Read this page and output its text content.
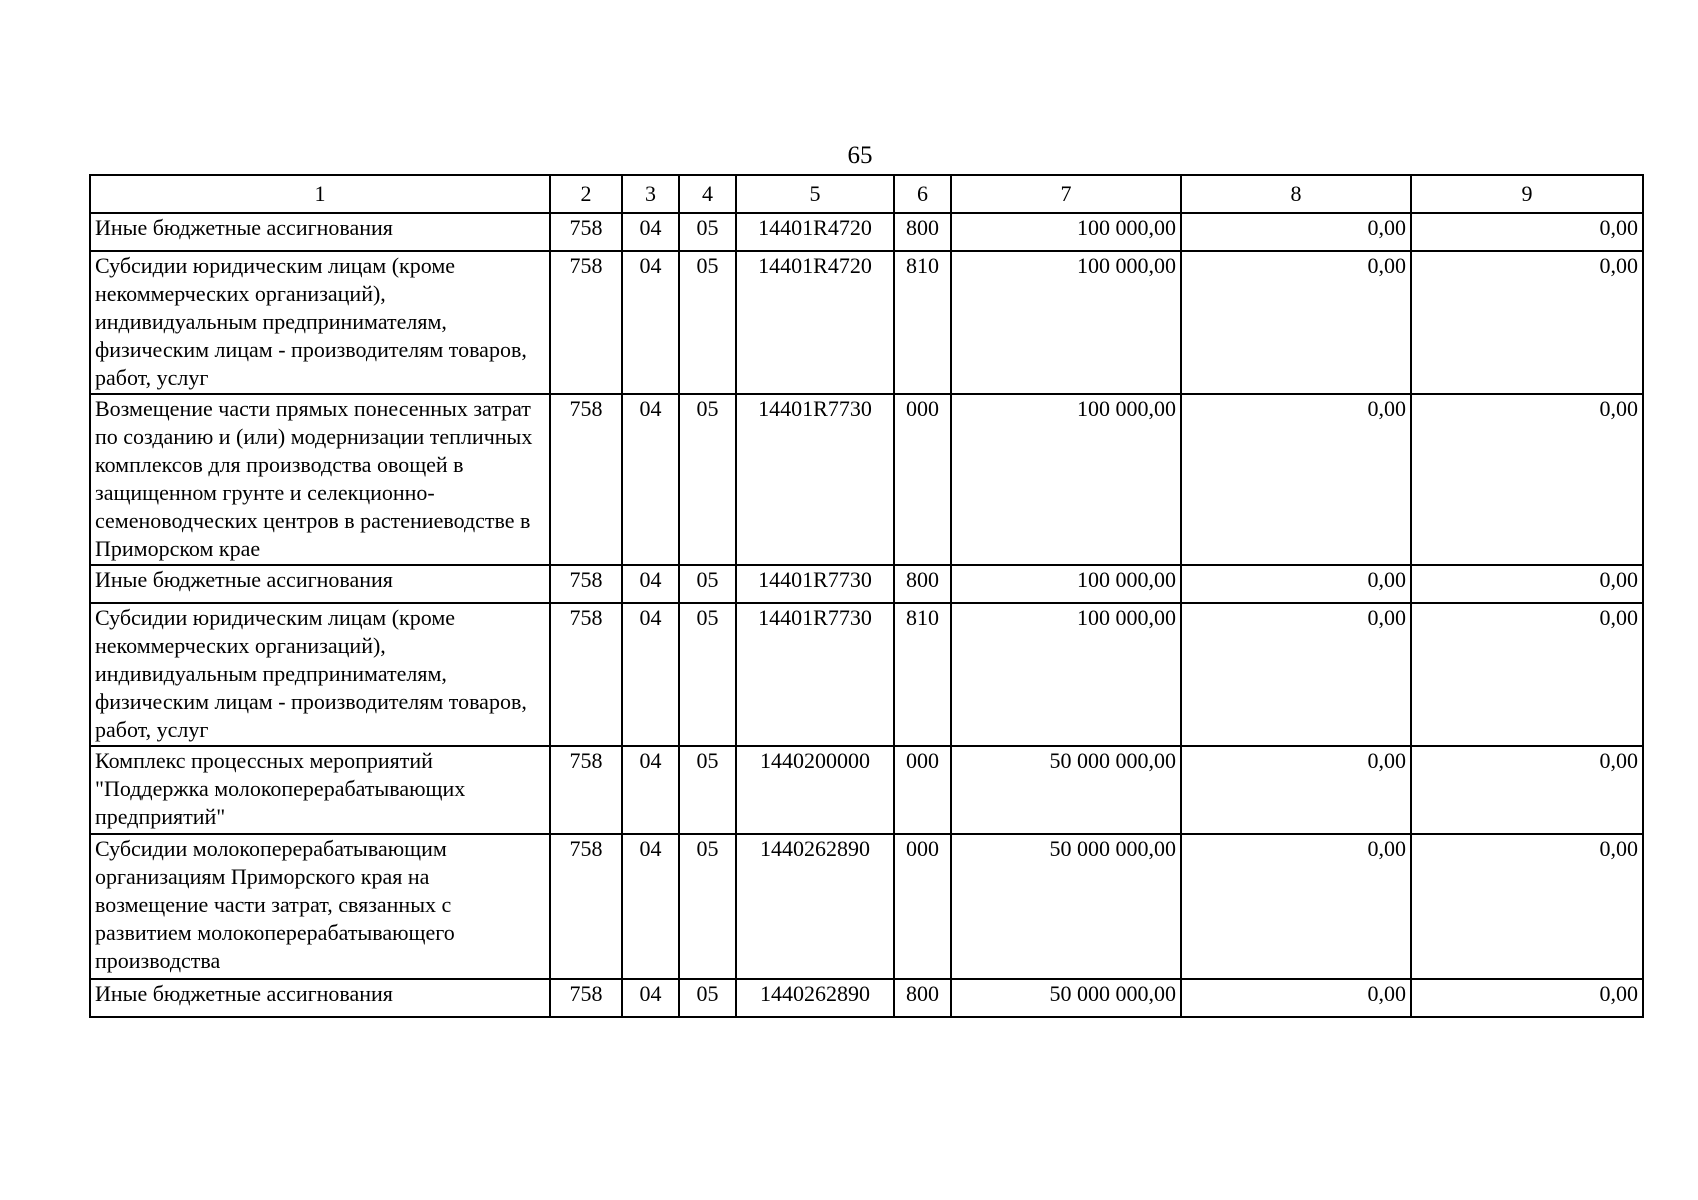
65
1	2	3	4	5	6	7	8	9
Иные бюджетные ассигнования	758	04	05	14401R4720	800	100 000,00	0,00	0,00
Субсидии юридическим лицам (кроме некоммерческих организаций), индивидуальным предпринимателям, физическим лицам - производителям товаров, работ, услуг	758	04	05	14401R4720	810	100 000,00	0,00	0,00
Возмещение части прямых понесенных затрат по созданию и (или) модернизации тепличных комплексов для производства овощей в защищенном грунте и селекционно-семеноводческих центров в растениеводстве в Приморском крае	758	04	05	14401R7730	000	100 000,00	0,00	0,00
Иные бюджетные ассигнования	758	04	05	14401R7730	800	100 000,00	0,00	0,00
Субсидии юридическим лицам (кроме некоммерческих организаций), индивидуальным предпринимателям, физическим лицам - производителям товаров, работ, услуг	758	04	05	14401R7730	810	100 000,00	0,00	0,00
Комплекс процессных мероприятий "Поддержка молокоперерабатывающих предприятий"	758	04	05	1440200000	000	50 000 000,00	0,00	0,00
Субсидии молокоперерабатывающим организациям Приморского края на возмещение части затрат, связанных с развитием молокоперерабатывающего производства	758	04	05	1440262890	000	50 000 000,00	0,00	0,00
Иные бюджетные ассигнования	758	04	05	1440262890	800	50 000 000,00	0,00	0,00
